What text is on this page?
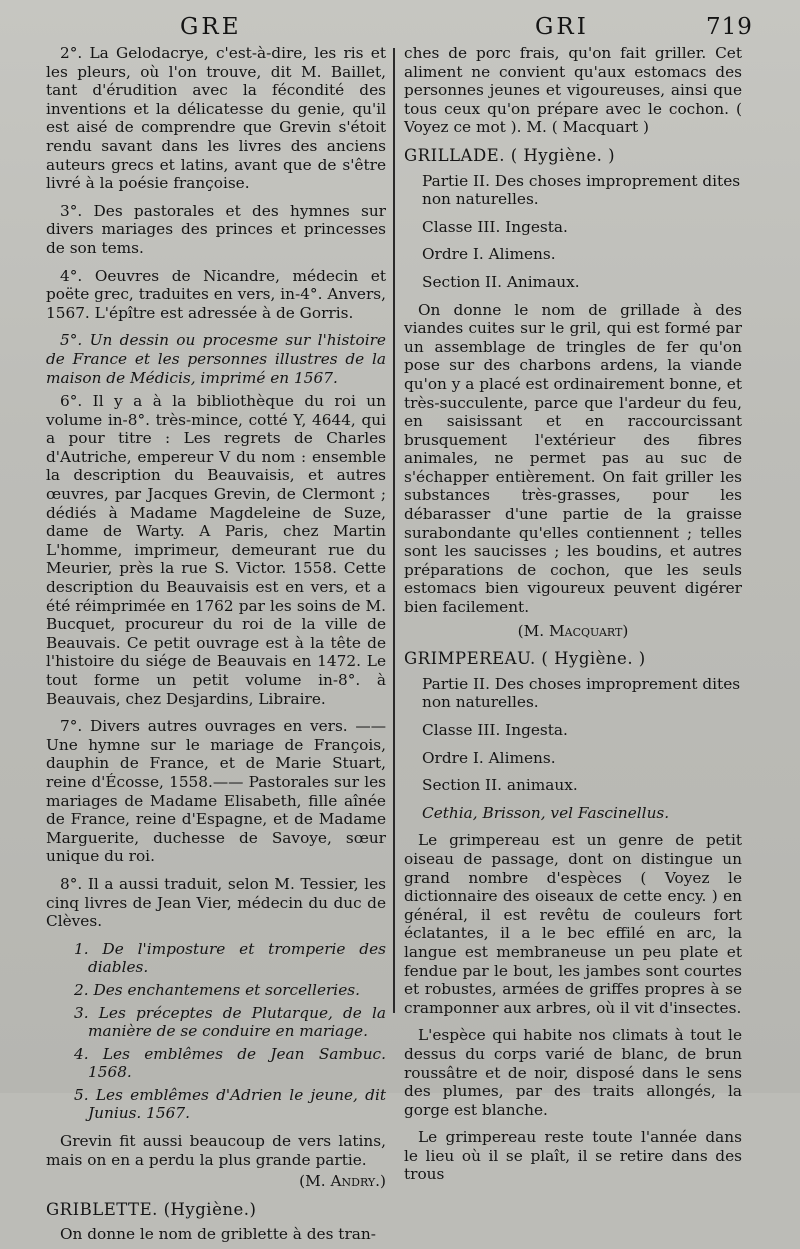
GRE	GRI	719

2°. La Gelodacrye, c'est-à-dire, les ris et les pleurs, où l'on trouve, dit M. Baillet, tant d'érudition avec la fécondité des inventions et la délicatesse du genie, qu'il est aisé de comprendre que Grevin s'étoit rendu savant dans les livres des anciens auteurs grecs et latins, avant que de s'être livré à la poésie françoise.

3°. Des pastorales et des hymnes sur divers mariages des princes et princesses de son tems.

4°. Oeuvres de Nicandre, médecin et poëte grec, traduites en vers, in-4°. Anvers, 1567. L'épître est adressée à de Gorris.

5°. Un dessin ou procesme sur l'histoire de France et les personnes illustres de la maison de Médicis, imprimé en 1567.

6°. Il y a à la bibliothèque du roi un volume in-8°. très-mince, cotté Y, 4644, qui a pour titre : Les regrets de Charles d'Autriche, empereur V du nom : ensemble la description du Beauvaisis, et autres œuvres, par Jacques Grevin, de Clermont ; dédiés à Madame Magdeleine de Suze, dame de Warty. A Paris, chez Martin L'homme, imprimeur, demeurant rue du Meurier, près la rue S. Victor. 1558. Cette description du Beauvaisis est en vers, et a été réimprimée en 1762 par les soins de M. Bucquet, procureur du roi de la ville de Beauvais. Ce petit ouvrage est à la tête de l'histoire du siége de Beauvais en 1472. Le tout forme un petit volume in-8°. à Beauvais, chez Desjardins, Libraire.

7°. Divers autres ouvrages en vers. —— Une hymne sur le mariage de François, dauphin de France, et de Marie Stuart, reine d'Écosse, 1558.—— Pastorales sur les mariages de Madame Elisabeth, fille aînée de France, reine d'Espagne, et de Madame Marguerite, duchesse de Savoye, sœur unique du roi.

8°. Il a aussi traduit, selon M. Tessier, les cinq livres de Jean Vier, médecin du duc de Clèves.

1. De l'imposture et tromperie des diables.

2. Des enchantemens et sorcelleries.

3. Les préceptes de Plutarque, de la manière de se conduire en mariage.

4. Les emblêmes de Jean Sambuc. 1568.

5. Les emblêmes d'Adrien le jeune, dit Junius. 1567.

Grevin fit aussi beaucoup de vers latins, mais on en a perdu la plus grande partie.

(M. Andry.)

GRIBLETTE. (Hygiène.)

On donne le nom de griblette à des tran-

ches de porc frais, qu'on fait griller. Cet aliment ne convient qu'aux estomacs des personnes jeunes et vigoureuses, ainsi que tous ceux qu'on prépare avec le cochon. ( Voyez ce mot ). M. ( Macquart )

GRILLADE. ( Hygiène. )

Partie II. Des choses improprement dites non naturelles.

Classe III. Ingesta.

Ordre I. Alimens.

Section II. Animaux.

On donne le nom de grillade à des viandes cuites sur le gril, qui est formé par un assemblage de tringles de fer qu'on pose sur des charbons ardens, la viande qu'on y a placé est ordinairement bonne, et très-succulente, parce que l'ardeur du feu, en saisissant et en raccourcissant brusquement l'extérieur des fibres animales, ne permet pas au suc de s'échapper entièrement. On fait griller les substances très-grasses, pour les débarasser d'une partie de la graisse surabondante qu'elles contiennent ; telles sont les saucisses ; les boudins, et autres préparations de cochon, que les seuls estomacs bien vigoureux peuvent digérer bien facilement.

(M. Macquart)

GRIMPEREAU. ( Hygiène. )

Partie II. Des choses improprement dites non naturelles.

Classe III. Ingesta.

Ordre I. Alimens.

Section II. animaux.

Cethia, Brisson, vel Fascinellus.

Le grimpereau est un genre de petit oiseau de passage, dont on distingue un grand nombre d'espèces ( Voyez le dictionnaire des oiseaux de cette ency. ) en général, il est revêtu de couleurs fort éclatantes, il a le bec effilé en arc, la langue est membraneuse un peu plate et fendue par le bout, les jambes sont courtes et robustes, armées de griffes propres à se cramponner aux arbres, où il vit d'insectes.

L'espèce qui habite nos climats à tout le dessus du corps varié de blanc, de brun roussâtre et de noir, disposé dans le sens des plumes, par des traits allongés, la gorge est blanche.

Le grimpereau reste toute l'année dans le lieu où il se plaît, il se retire dans des trous
